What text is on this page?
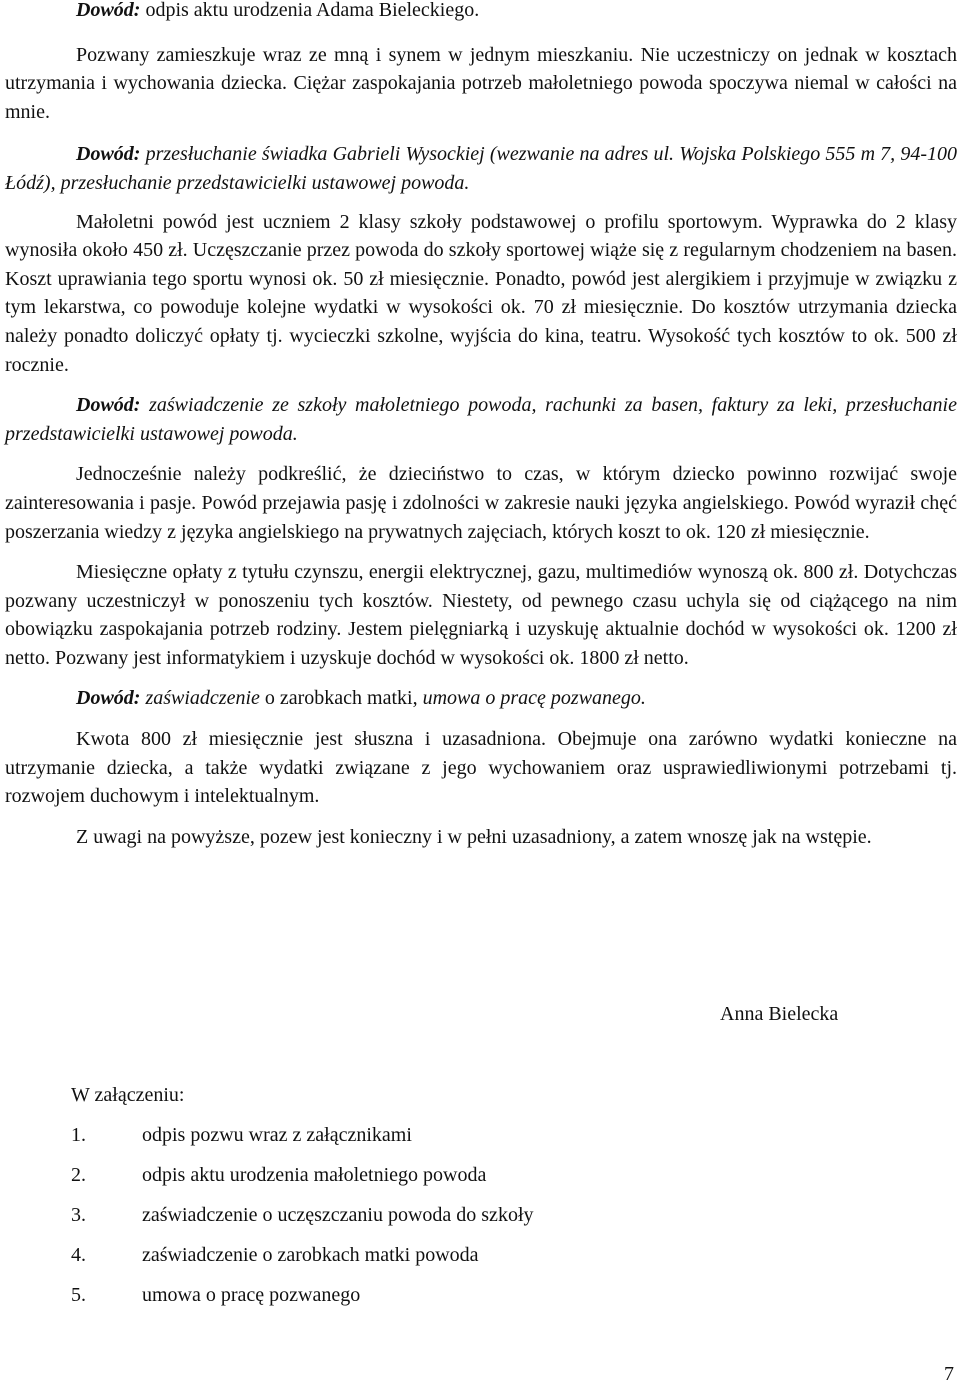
Dowód: odpis aktu urodzenia Adama Bieleckiego.

Pozwany zamieszkuje wraz ze mną i synem w jednym mieszkaniu. Nie uczestniczy on jednak w kosztach utrzymania i wychowania dziecka. Ciężar zaspokajania potrzeb małoletniego powoda spoczywa niemal w całości na mnie.

Dowód: przesłuchanie świadka Gabrieli Wysockiej (wezwanie na adres ul. Wojska Polskiego 555 m 7, 94-100 Łódź), przesłuchanie przedstawicielki ustawowej powoda.

Małoletni powód jest uczniem 2 klasy szkoły podstawowej o profilu sportowym. Wyprawka do 2 klasy wynosiła około 450 zł. Uczęszczanie przez powoda do szkoły sportowej wiąże się z regularnym chodzeniem na basen. Koszt uprawiania tego sportu wynosi ok. 50 zł miesięcznie. Ponadto, powód jest alergikiem i przyjmuje w związku z tym lekarstwa, co powoduje kolejne wydatki w wysokości ok. 70 zł miesięcznie. Do kosztów utrzymania dziecka należy ponadto doliczyć opłaty tj. wycieczki szkolne, wyjścia do kina, teatru. Wysokość tych kosztów to ok. 500 zł rocznie.

Dowód: zaświadczenie ze szkoły małoletniego powoda, rachunki za basen, faktury za leki, przesłuchanie przedstawicielki ustawowej powoda.

Jednocześnie należy podkreślić, że dzieciństwo to czas, w którym dziecko powinno rozwijać swoje zainteresowania i pasje. Powód przejawia pasję i zdolności w zakresie nauki języka angielskiego. Powód wyraził chęć poszerzania wiedzy z języka angielskiego na prywatnych zajęciach, których koszt to ok. 120 zł miesięcznie.

Miesięczne opłaty z tytułu czynszu, energii elektrycznej, gazu, multimediów wynoszą ok. 800 zł. Dotychczas pozwany uczestniczył w ponoszeniu tych kosztów. Niestety, od pewnego czasu uchyla się od ciążącego na nim obowiązku zaspokajania potrzeb rodziny. Jestem pielęgniarką i uzyskuję aktualnie dochód w wysokości ok. 1200 zł netto. Pozwany jest informatykiem i uzyskuje dochód w wysokości ok. 1800 zł netto.

Dowód: zaświadczenie o zarobkach matki, umowa o pracę pozwanego.

Kwota 800 zł miesięcznie jest słuszna i uzasadniona. Obejmuje ona zarówno wydatki konieczne na utrzymanie dziecka, a także wydatki związane z jego wychowaniem oraz usprawiedliwionymi potrzebami tj. rozwojem duchowym i intelektualnym.

Z uwagi na powyższe, pozew jest konieczny i w pełni uzasadniony, a zatem wnoszę jak na wstępie.

Anna Bielecka
W załączeniu:
1.	odpis pozwu wraz z załącznikami
2.	odpis aktu urodzenia małoletniego powoda
3.	zaświadczenie o uczęszczaniu powoda do szkoły
4.	zaświadczenie o zarobkach matki powoda
5.	umowa o pracę pozwanego
7
